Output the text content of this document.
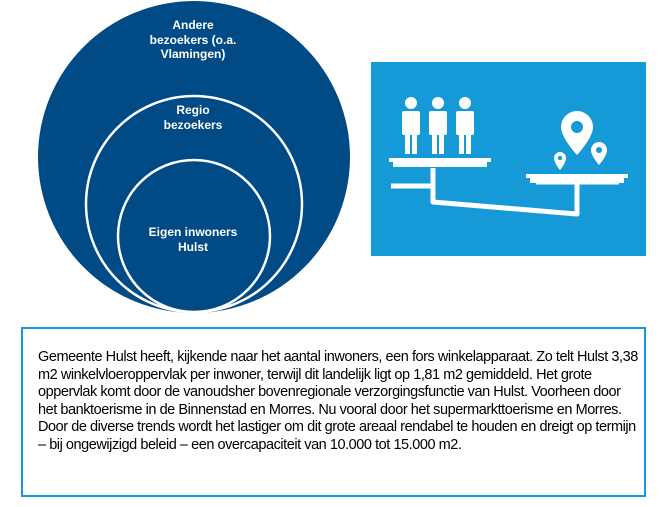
Andere
bezoekers (o.a.
Vlamingen)
Regio
bezoekers
Eigen inwoners
Hulst

Gemeente Hulst heeft, kijkende naar het aantal inwoners, een fors winkelapparaat. Zo telt Hulst 3,38 m2 winkelvloeroppervlak per inwoner, terwijl dit landelijk ligt op 1,81 m2 gemiddeld. Het grote oppervlak komt door de vanoudsher bovenregionale verzorgingsfunctie van Hulst. Voorheen door het banktoerisme in de Binnenstad en Morres. Nu vooral door het supermarkttoerisme en Morres. Door de diverse trends wordt het lastiger om dit grote areaal rendabel te houden en dreigt op termijn – bij ongewijzigd beleid – een overcapaciteit van 10.000 tot 15.000 m2.
